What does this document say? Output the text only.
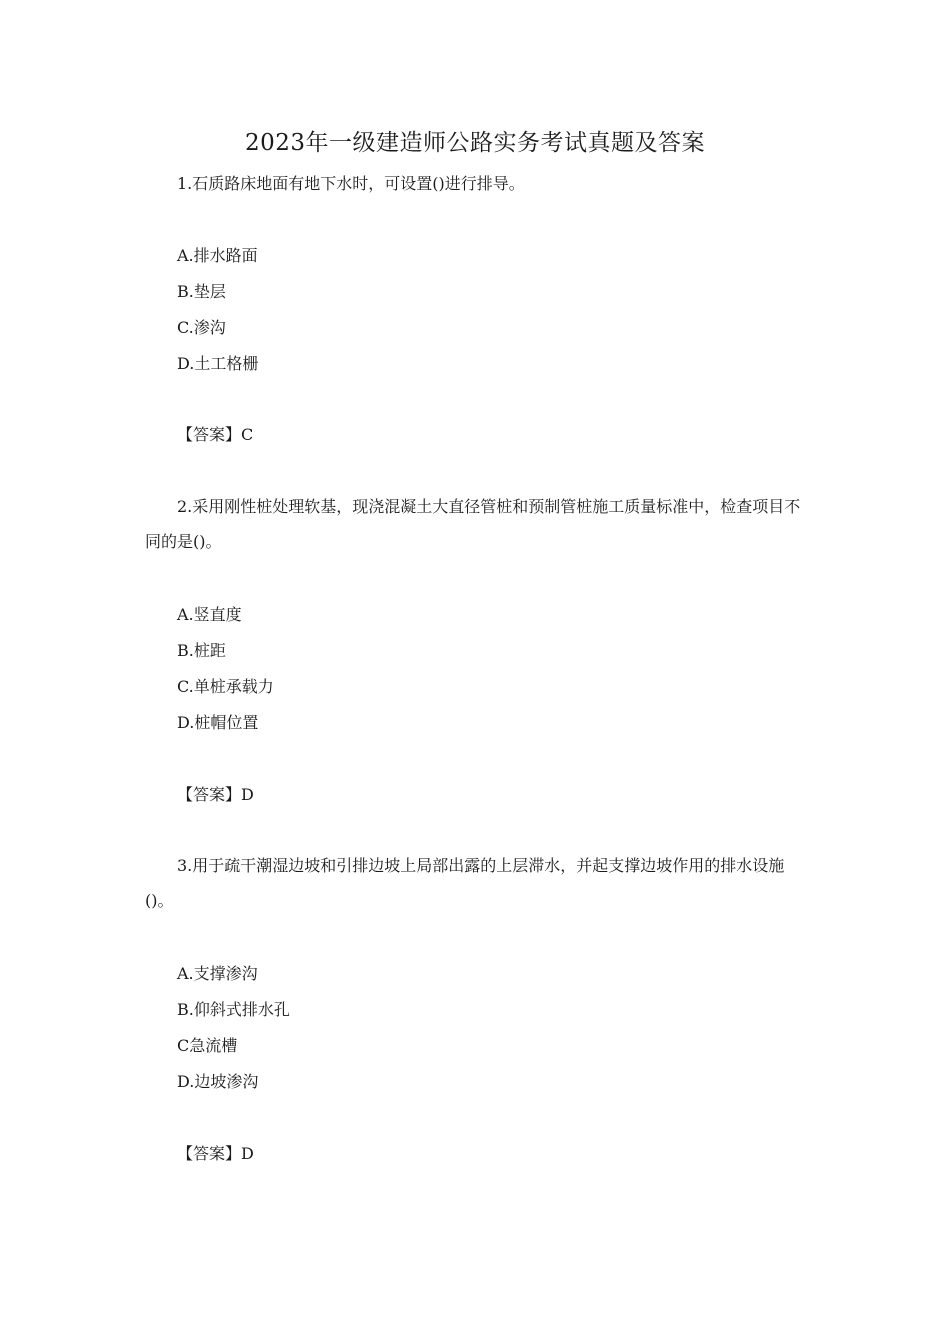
2023年一级建造师公路实务考试真题及答案

1.石质路床地面有地下水时，可设置()进行排导。

A.排水路面

B.垫层

C.渗沟

D.土工格栅

【答案】C

2.采用刚性桩处理软基，现浇混凝土大直径管桩和预制管桩施工质量标准中，检查项目不同的是()。

A.竖直度

B.桩距

C.单桩承载力

D.桩帽位置

【答案】D

3.用于疏干潮湿边坡和引排边坡上局部出露的上层滞水，并起支撑边坡作用的排水设施()。

A.支撑渗沟

B.仰斜式排水孔

C急流槽

D.边坡渗沟

【答案】D
